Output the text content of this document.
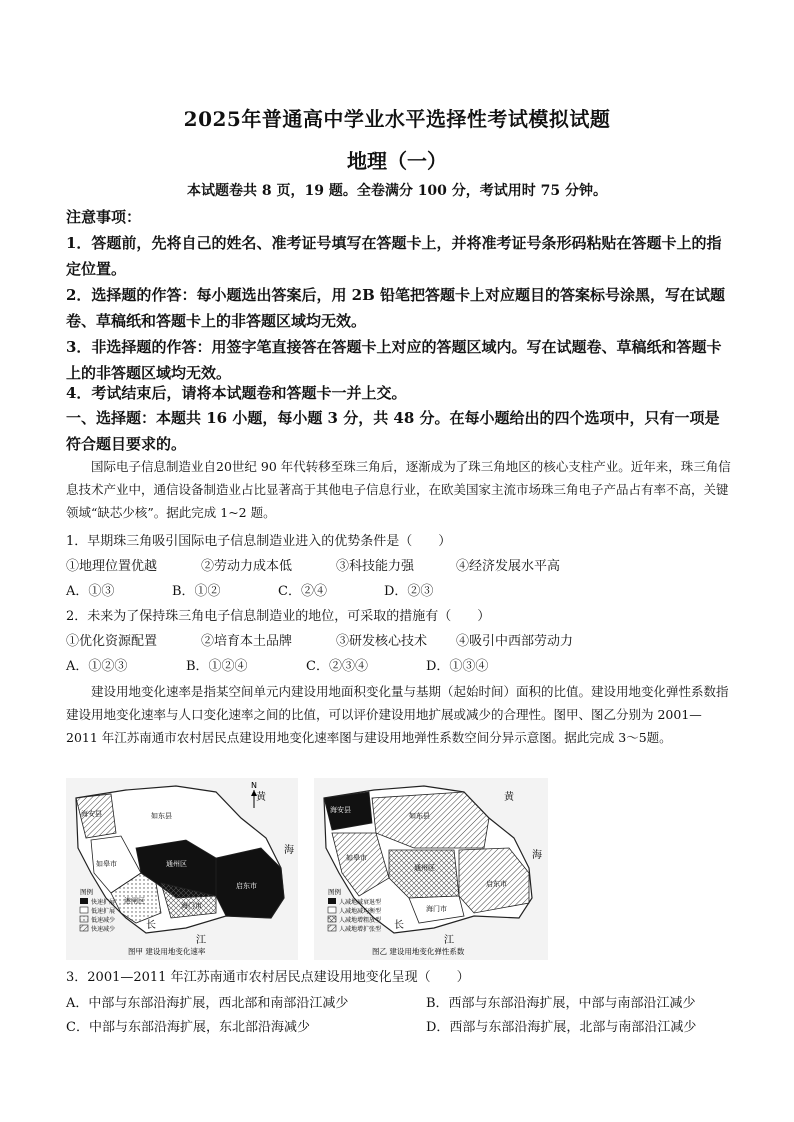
2025年普通高中学业水平选择性考试模拟试题
地理（一）
本试题卷共 8 页，19 题。全卷满分 100 分，考试用时 75 分钟。
注意事项：
1．答题前，先将自己的姓名、准考证号填写在答题卡上，并将准考证号条形码粘贴在答题卡上的指定位置。
2．选择题的作答：每小题选出答案后，用 2B 铅笔把答题卡上对应题目的答案标号涂黑，写在试题卷、草稿纸和答题卡上的非答题区域均无效。
3．非选择题的作答：用签字笔直接答在答题卡上对应的答题区域内。写在试题卷、草稿纸和答题卡上的非答题区域均无效。
4．考试结束后，请将本试题卷和答题卡一并上交。
一、选择题：本题共 16 小题，每小题 3 分，共 48 分。在每小题给出的四个选项中，只有一项是符合题目要求的。
国际电子信息制造业自20世纪 90 年代转移至珠三角后，逐渐成为了珠三角地区的核心支柱产业。近年来，珠三角信息技术产业中，通信设备制造业占比显著高于其他电子信息行业，在欧美国家主流市场珠三角电子产品占有率不高，关键领域“缺芯少核”。据此完成 1~2 题。
1．早期珠三角吸引国际电子信息制造业进入的优势条件是（　　）
①地理位置优越	②劳动力成本低	③科技能力强	④经济发展水平高
A．①③	B．①②	C．②④	D．②③
2．未来为了保持珠三角电子信息制造业的地位，可采取的措施有（　　）
①优化资源配置	②培育本土品牌	③研发核心技术 ④吸引中西部劳动力
A．①②③	B．①②④	C．②③④	D．①③④
建设用地变化速率是指某空间单元内建设用地面积变化量与基期（起始时间）面积的比值。建设用地变化弹性系数指建设用地变化速率与人口变化速率之间的比值，可以评价建设用地扩展或减少的合理性。图甲、图乙分别为 2001—2011 年江苏南通市农村居民点建设用地变化速率图与建设用地弹性系数空间分异示意图。据此完成 3～5题。
海安县	如东县
如皋市	通州区
海门市
启东市
港闸区
黄
海
长
江
N
图例
快速扩展
低速扩展
低速减少
快速减少
图甲 建设用地变化速率
海安县
如东县
如皋市
通州区
海门市
启东市
黄
海
长
江
图例
人减地减衰退型
人减地减均衡型
人减地增粗放型
人减地增扩张型
图乙 建设用地变化弹性系数
3．2001—2011 年江苏南通市农村居民点建设用地变化呈现（　　）
A．中部与东部沿海扩展，西北部和南部沿江减少	B．西部与东部沿海扩展，中部与南部沿江减少
C．中部与东部沿海扩展，东北部沿海减少	D．西部与东部沿海扩展，北部与南部沿江减少
